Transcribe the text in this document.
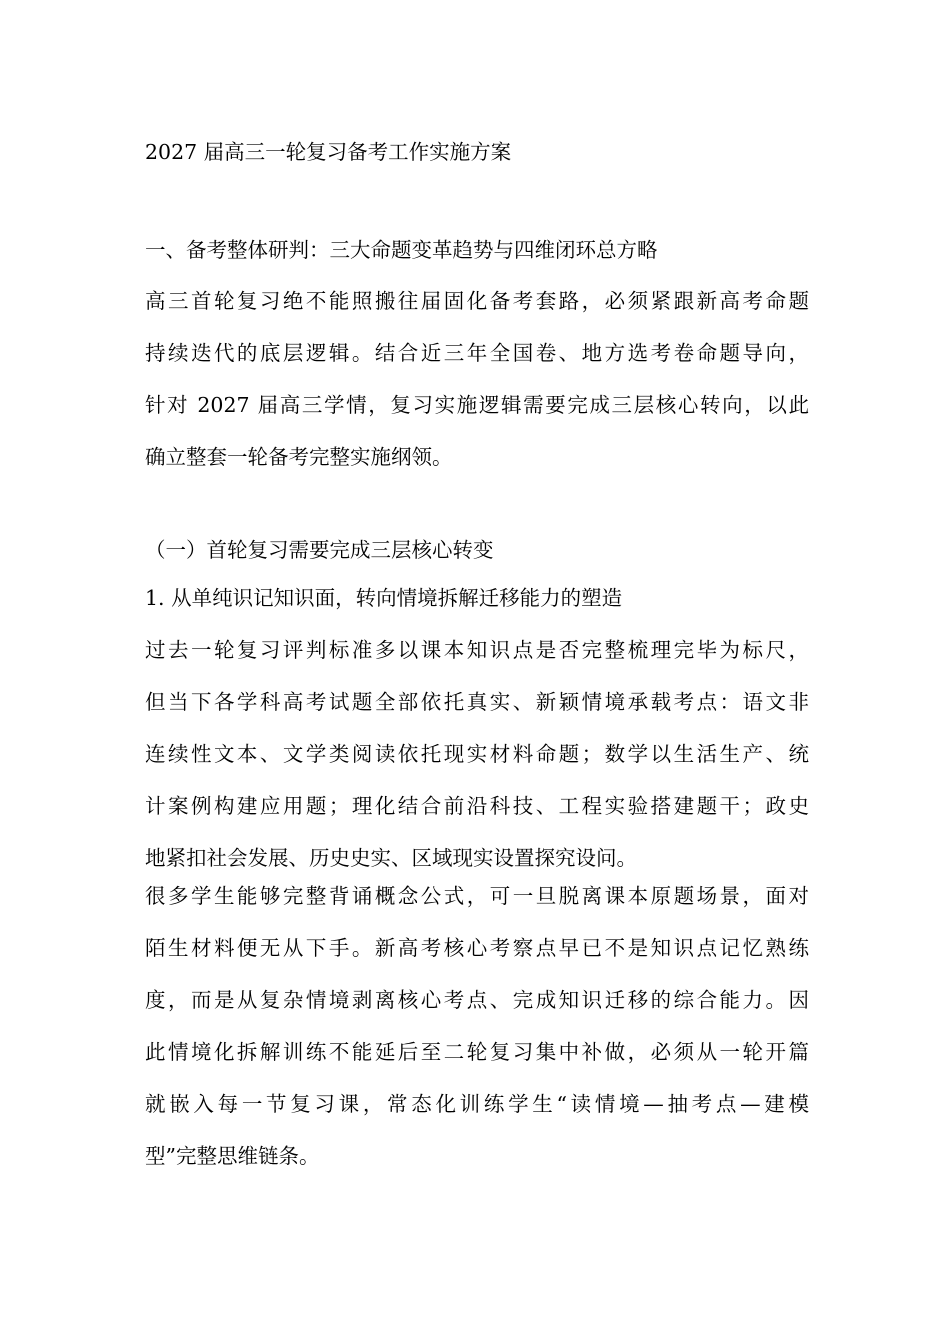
2027 届高三一轮复习备考工作实施方案
一、备考整体研判：三大命题变革趋势与四维闭环总方略
高三首轮复习绝不能照搬往届固化备考套路，必须紧跟新高考命题
持续迭代的底层逻辑。结合近三年全国卷、地方选考卷命题导向，
针对 2027 届高三学情，复习实施逻辑需要完成三层核心转向，以此
确立整套一轮备考完整实施纲领。
（一）首轮复习需要完成三层核心转变
1. 从单纯识记知识面，转向情境拆解迁移能力的塑造
过去一轮复习评判标准多以课本知识点是否完整梳理完毕为标尺，
但当下各学科高考试题全部依托真实、新颖情境承载考点：语文非
连续性文本、文学类阅读依托现实材料命题；数学以生活生产、统
计案例构建应用题；理化结合前沿科技、工程实验搭建题干；政史
地紧扣社会发展、历史史实、区域现实设置探究设问。
很多学生能够完整背诵概念公式，可一旦脱离课本原题场景，面对
陌生材料便无从下手。新高考核心考察点早已不是知识点记忆熟练
度，而是从复杂情境剥离核心考点、完成知识迁移的综合能力。因
此情境化拆解训练不能延后至二轮复习集中补做，必须从一轮开篇
就嵌入每一节复习课，常态化训练学生“读情境—抽考点—建模
型”完整思维链条。
